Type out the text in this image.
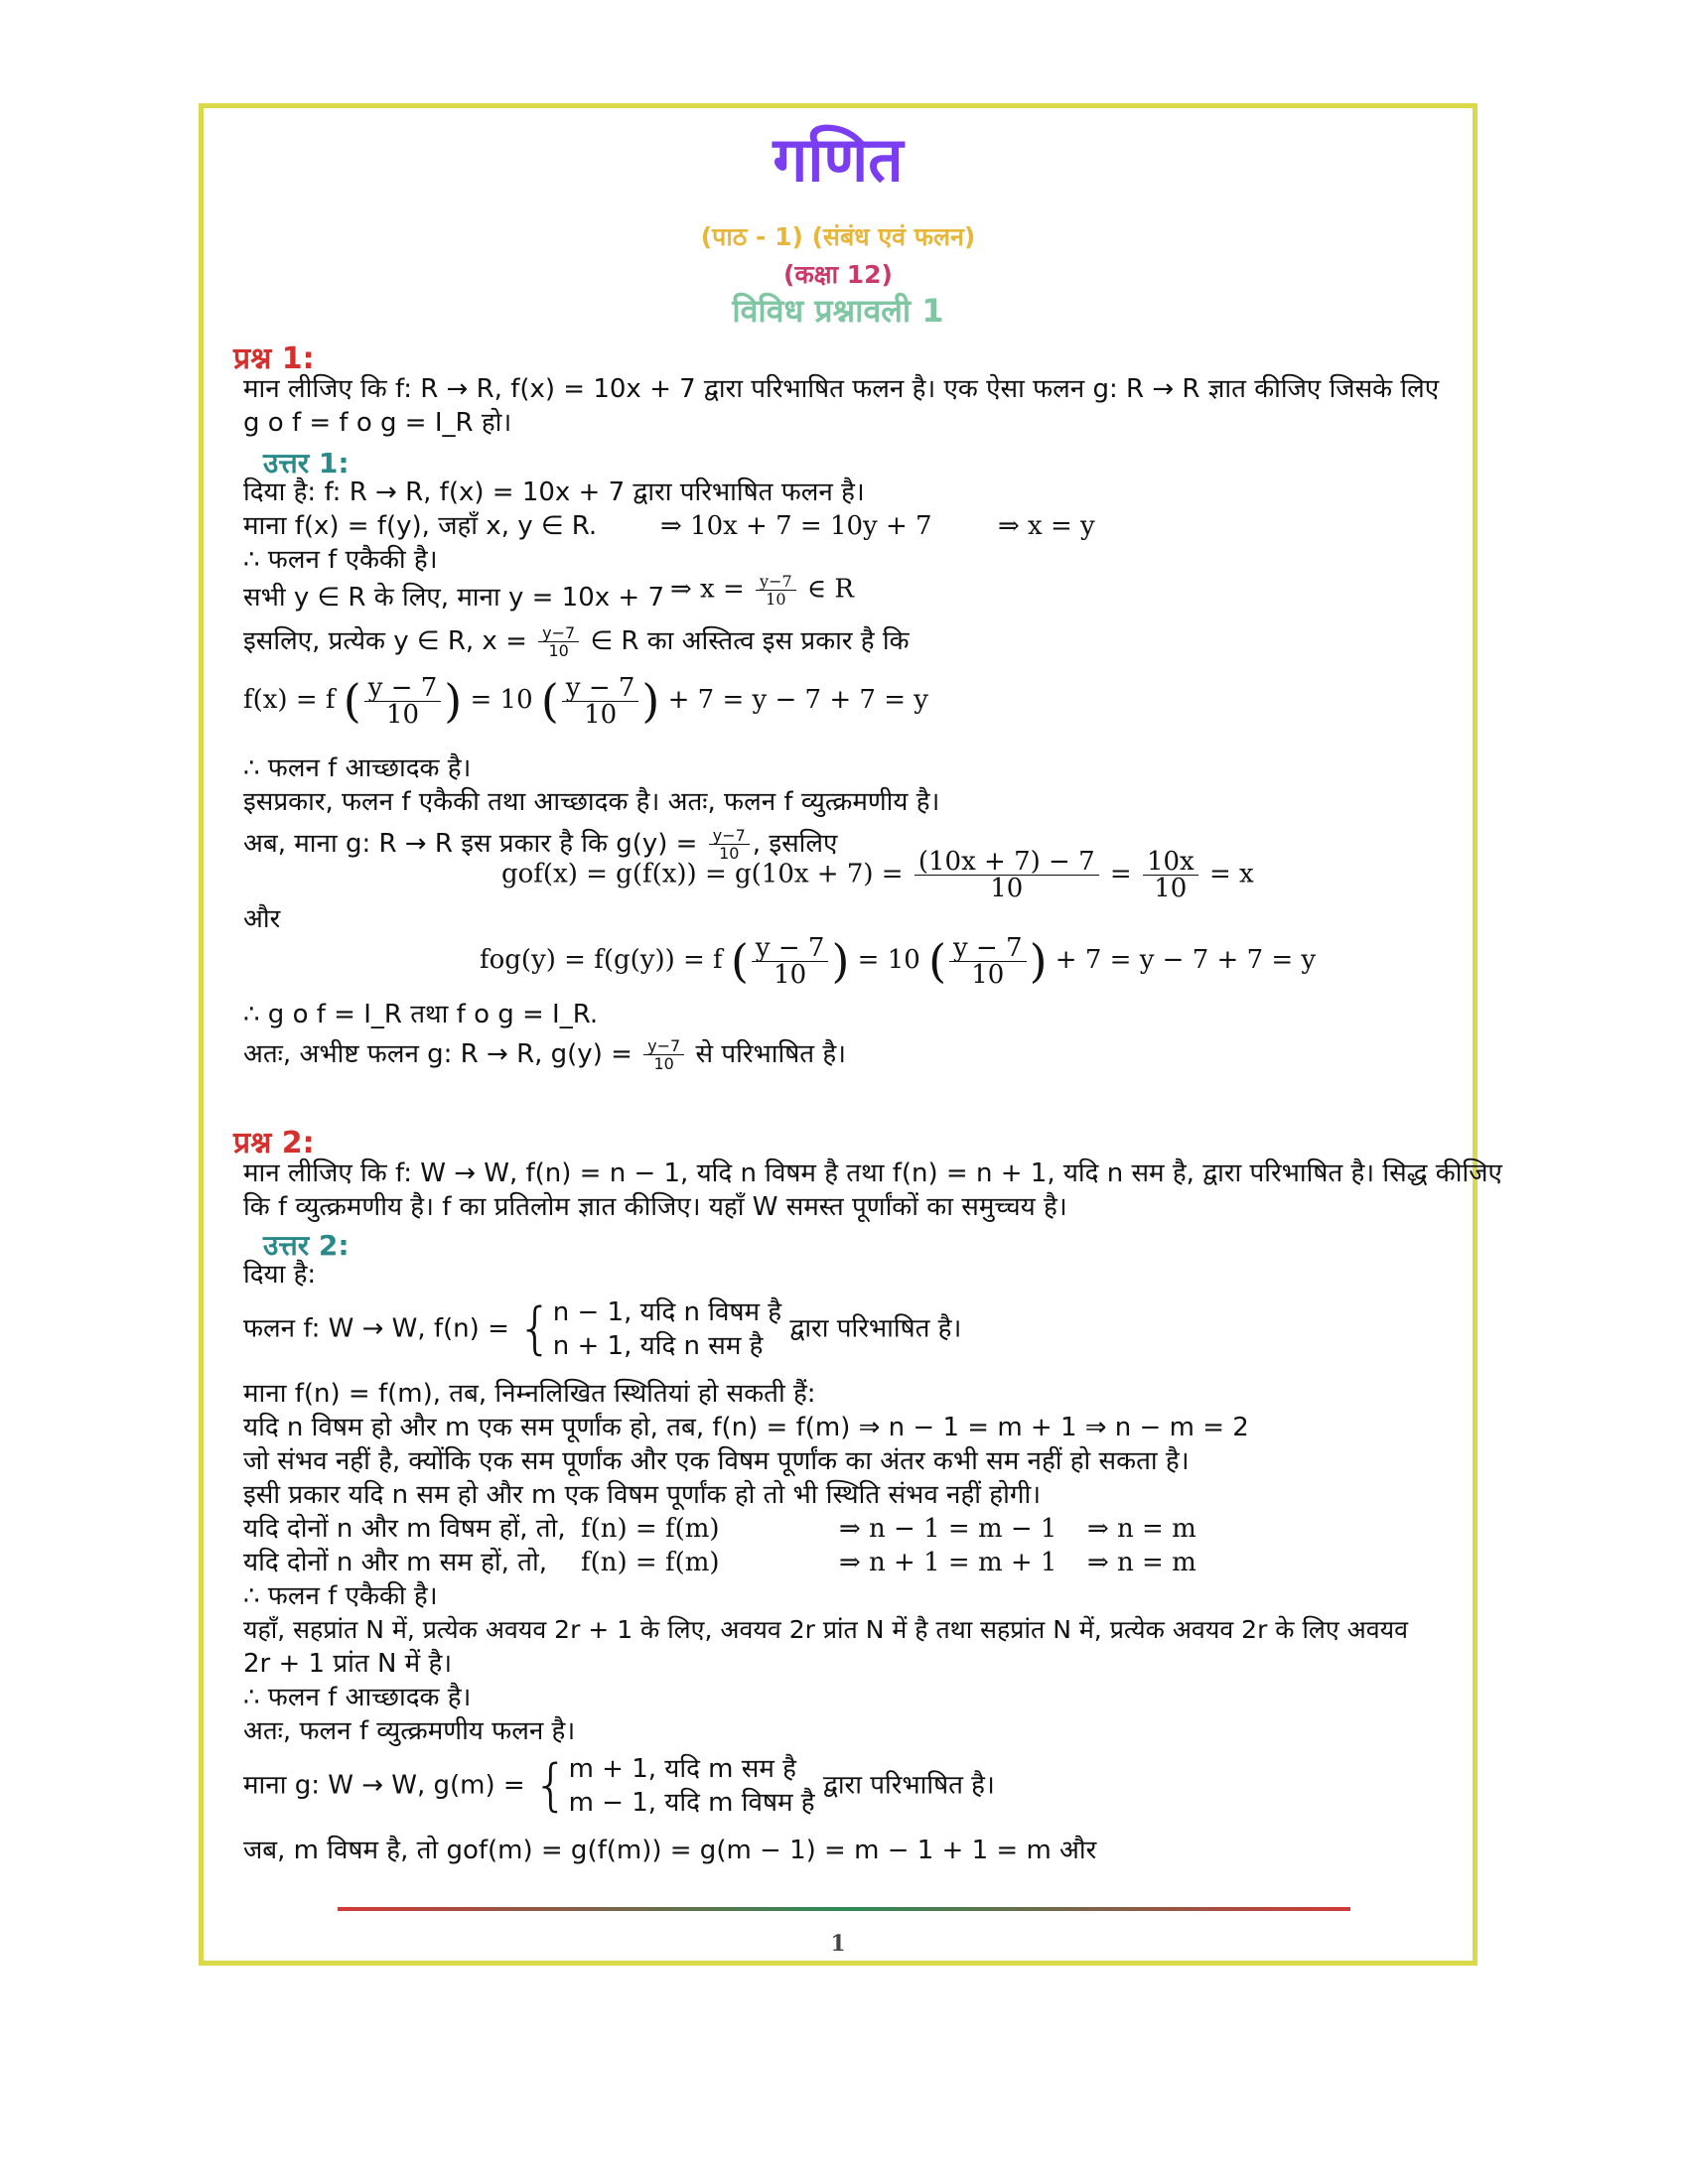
गणित
(पाठ - 1) (संबंध एवं फलन)
(कक्षा 12)
विविध प्रश्नावली 1
प्रश्न 1:
मान लीजिए कि f: R → R, f(x) = 10x + 7 द्वारा परिभाषित फलन है। एक ऐसा फलन g: R → R ज्ञात कीजिए जिसके लिए
g o f = f o g = I_R हो।
उत्तर 1:
दिया है: f: R → R, f(x) = 10x + 7 द्वारा परिभाषित फलन है।
माना f(x) = f(y), जहाँ x, y ∈ R. ⇒ 10x + 7 = 10y + 7	⇒ x = y
∴ फलन f एकैकी है।
सभी y ∈ R के लिए, माना y = 10x + 7 ⇒ $x = \frac{y-7}{10}$ ∈ R
इसलिए, प्रत्येक y ∈ R, $x = \frac{y-7}{10}$ ∈ R का अस्तित्व इस प्रकार है कि
f(x) = f ( $\frac{y - 7}{10}$ ) = 10 ( $\frac{y - 7}{10}$ ) + 7 = y − 7 + 7 = y
∴ फलन f आच्छादक है।
इसप्रकार, फलन f एकैकी तथा आच्छादक है। अतः, फलन f व्युत्क्रमणीय है।
अब, माना g: R → R इस प्रकार है कि $g(y) = \frac{y-7}{10}$ , इसलिए
$gof(x) = g(f(x)) = g(10x + 7) = \frac{(10x + 7) - 7}{10} = \frac{10x}{10} = x$
और
fog(y) = f(g(y)) = f ( $\frac{y - 7}{10}$ ) = 10 ( $\frac{y - 7}{10}$ ) + 7 = y − 7 + 7 = y
∴ g o f = I_R तथा f o g = I_R.
अतः, अभीष्ट फलन g: R → R, $g(y) = \frac{y-7}{10}$ से परिभाषित है।
प्रश्न 2:
मान लीजिए कि f: W → W, f(n) = n − 1, यदि n विषम है तथा f(n) = n + 1, यदि n सम है, द्वारा परिभाषित है। सिद्ध कीजिए
कि f व्युत्क्रमणीय है। f का प्रतिलोम ज्ञात कीजिए। यहाँ W समस्त पूर्णांकों का समुच्चय है।
उत्तर 2:
दिया है:
फलन f: W → W, f(n) = { n − 1, यदि n विषम है
n + 1, यदि n सम है
द्वारा परिभाषित है।
माना f(n) = f(m), तब, निम्नलिखित स्थितियां हो सकती हैं:
यदि n विषम हो और m एक सम पूर्णांक हो, तब, f(n) = f(m) ⇒ n − 1 = m + 1 ⇒ n − m = 2
जो संभव नहीं है, क्योंकि एक सम पूर्णांक और एक विषम पूर्णांक का अंतर कभी सम नहीं हो सकता है।
इसी प्रकार यदि n सम हो और m एक विषम पूर्णांक हो तो भी स्थिति संभव नहीं होगी।
यदि दोनों n और m विषम हों, तो, f(n) = f(m)	⇒ n − 1 = m − 1 ⇒ n = m
यदि दोनों n और m सम हों, तो, f(n) = f(m)	⇒ n + 1 = m + 1 ⇒ n = m
∴ फलन f एकैकी है।
यहाँ, सहप्रांत N में, प्रत्येक अवयव 2r + 1 के लिए, अवयव 2r प्रांत N में है तथा सहप्रांत N में, प्रत्येक अवयव 2r के लिए अवयव
2r + 1 प्रांत N में है।
∴ फलन f आच्छादक है।
अतः, फलन f व्युत्क्रमणीय फलन है।
माना g: W → W, g(m) = { m + 1, यदि m सम है
m − 1, यदि m विषम है
द्वारा परिभाषित है।
जब, m विषम है, तो gof(m) = g(f(m)) = g(m − 1) = m − 1 + 1 = m और
1
